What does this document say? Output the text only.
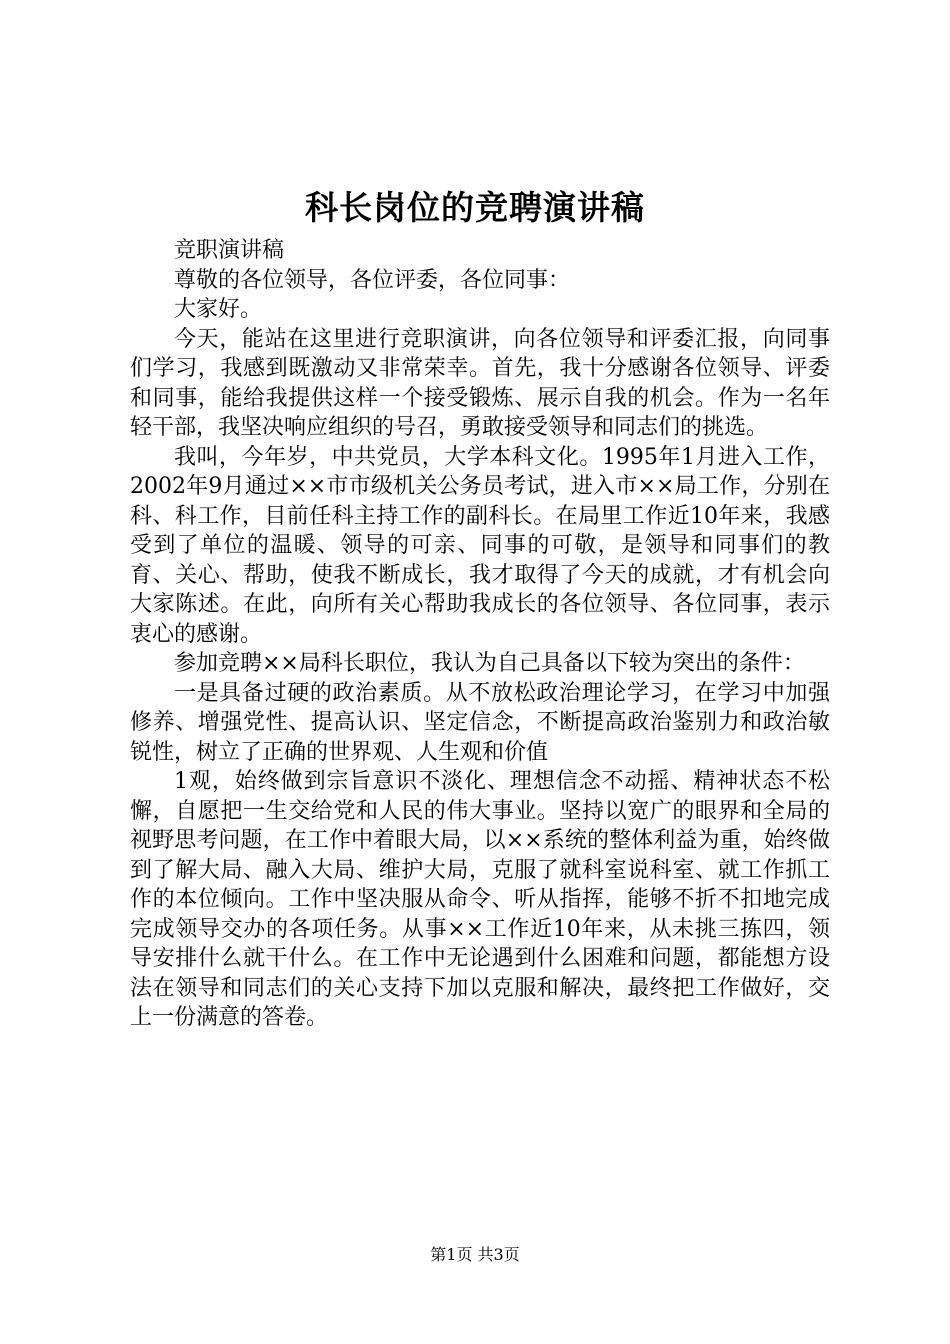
科长岗位的竞聘演讲稿

竞职演讲稿

尊敬的各位领导，各位评委，各位同事：

大家好。

今天，能站在这里进行竞职演讲，向各位领导和评委汇报，向同事们学习，我感到既激动又非常荣幸。首先，我十分感谢各位领导、评委和同事，能给我提供这样一个接受锻炼、展示自我的机会。作为一名年轻干部，我坚决响应组织的号召，勇敢接受领导和同志们的挑选。

我叫，今年岁，中共党员，大学本科文化。1995年1月进入工作，2002年9月通过××市市级机关公务员考试，进入市××局工作，分别在科、科工作，目前任科主持工作的副科长。在局里工作近10年来，我感受到了单位的温暖、领导的可亲、同事的可敬，是领导和同事们的教育、关心、帮助，使我不断成长，我才取得了今天的成就，才有机会向大家陈述。在此，向所有关心帮助我成长的各位领导、各位同事，表示衷心的感谢。

参加竞聘××局科长职位，我认为自己具备以下较为突出的条件：

一是具备过硬的政治素质。从不放松政治理论学习，在学习中加强修养、增强党性、提高认识、坚定信念，不断提高政治鉴别力和政治敏锐性，树立了正确的世界观、人生观和价值

1观，始终做到宗旨意识不淡化、理想信念不动摇、精神状态不松懈，自愿把一生交给党和人民的伟大事业。坚持以宽广的眼界和全局的视野思考问题，在工作中着眼大局，以××系统的整体利益为重，始终做到了解大局、融入大局、维护大局，克服了就科室说科室、就工作抓工作的本位倾向。工作中坚决服从命令、听从指挥，能够不折不扣地完成完成领导交办的各项任务。从事××工作近10年来，从未挑三拣四，领导安排什么就干什么。在工作中无论遇到什么困难和问题，都能想方设法在领导和同志们的关心支持下加以克服和解决，最终把工作做好，交上一份满意的答卷。

第1页 共3页
